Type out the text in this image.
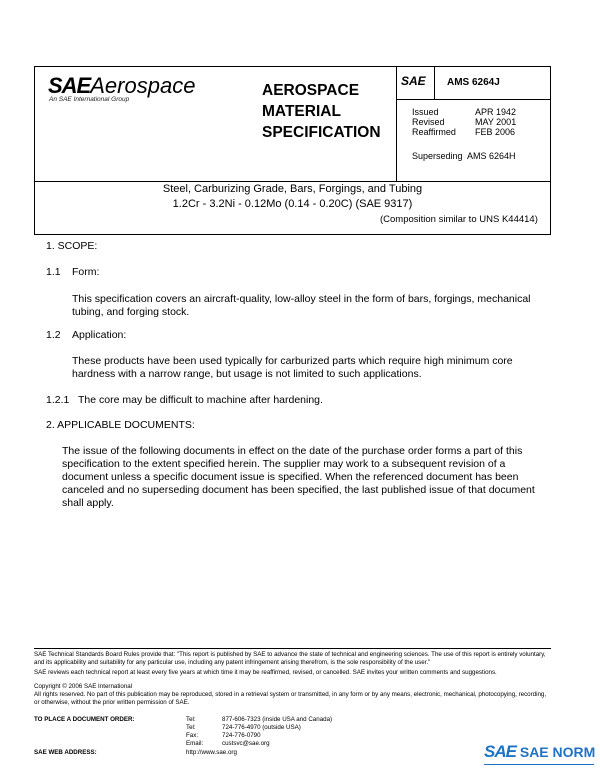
SAEAerospace
An SAE International Group
AEROSPACE
MATERIAL
SPECIFICATION
SAE AMS 6264J
Issued	APR 1942
Revised	MAY 2001
Reaffirmed FEB 2006
Superseding AMS 6264H
Steel, Carburizing Grade, Bars, Forgings, and Tubing
1.2Cr - 3.2Ni - 0.12Mo (0.14 - 0.20C) (SAE 9317)
(Composition similar to UNS K44414)
1. SCOPE:
1.1 Form:
This specification covers an aircraft-quality, low-alloy steel in the form of bars, forgings, mechanical tubing, and forging stock.
1.2 Application:
These products have been used typically for carburized parts which require high minimum core hardness with a narrow range, but usage is not limited to such applications.
1.2.1 The core may be difficult to machine after hardening.
2. APPLICABLE DOCUMENTS:
The issue of the following documents in effect on the date of the purchase order forms a part of this specification to the extent specified herein. The supplier may work to a subsequent revision of a document unless a specific document issue is specified. When the referenced document has been canceled and no superseding document has been specified, the last published issue of that document shall apply.
SAE Technical Standards Board Rules provide that: "This report is published by SAE to advance the state of technical and engineering sciences. The use of this report is entirely voluntary, and its applicability and suitability for any particular use, including any patent infringement arising therefrom, is the sole responsibility of the user."
SAE reviews each technical report at least every five years at which time it may be reaffirmed, revised, or cancelled. SAE invites your written comments and suggestions.
Copyright © 2006 SAE International
All rights reserved. No part of this publication may be reproduced, stored in a retrieval system or transmitted, in any form or by any means, electronic, mechanical, photocopying, recording, or otherwise, without the prior written permission of SAE.
TO PLACE A DOCUMENT ORDER:	Tel:	877-606-7323 (inside USA and Canada)
Tel:	724-776-4970 (outside USA)
Fax:	724-776-0790
Email:	custsvc@sae.org
SAE WEB ADDRESS:	http://www.sae.org	SAE SAE NORM
